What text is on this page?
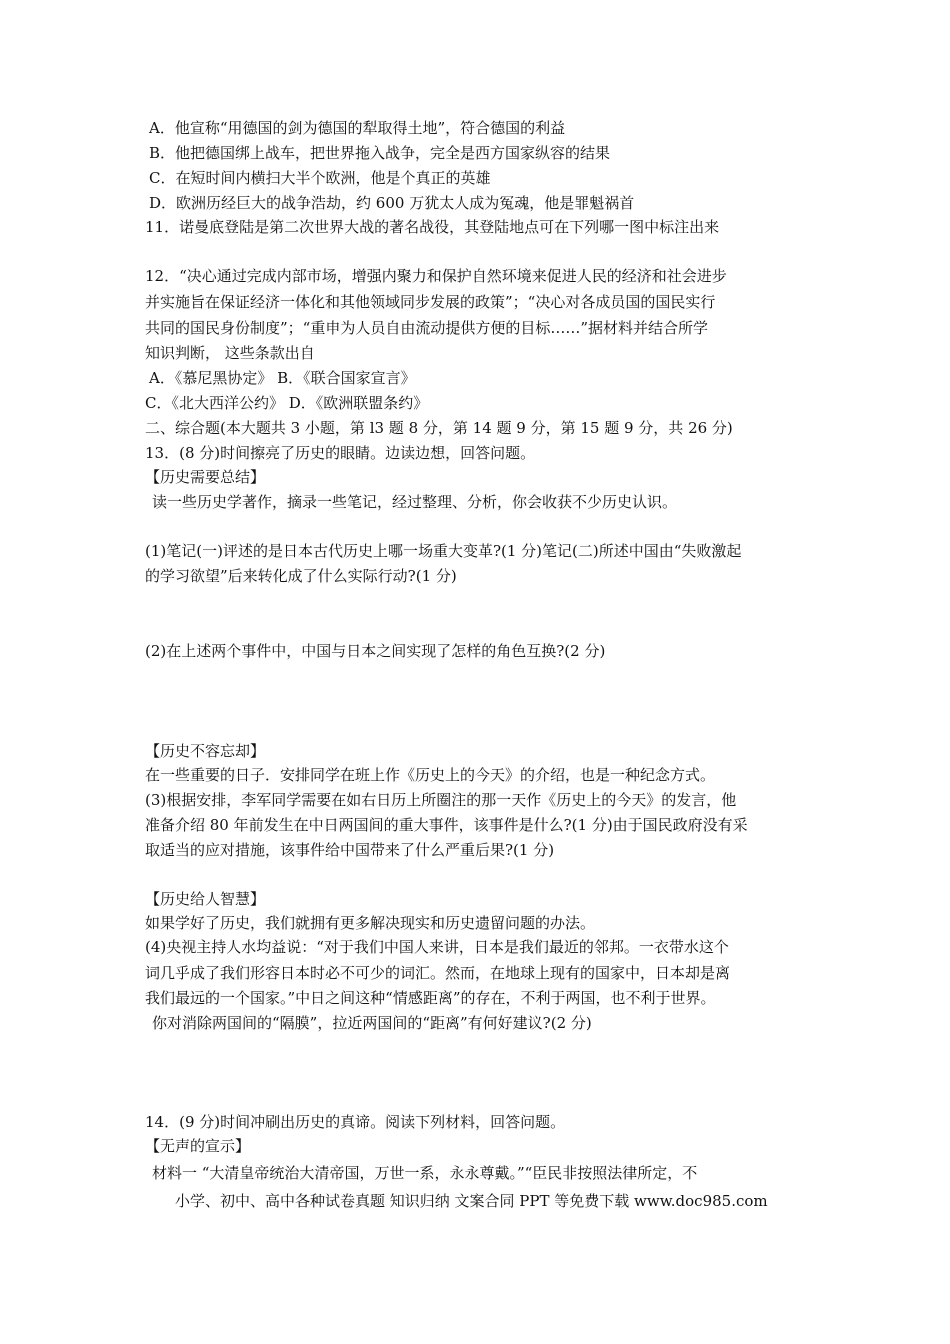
A．他宣称“用德国的剑为德国的犁取得土地”，符合德国的利益
B．他把德国绑上战车，把世界拖入战争，完全是西方国家纵容的结果
C．在短时间内横扫大半个欧洲，他是个真正的英雄
D．欧洲历经巨大的战争浩劫，约 600 万犹太人成为冤魂，他是罪魁祸首
11．诺曼底登陆是第二次世界大战的著名战役，其登陆地点可在下列哪一图中标注出来
12．“决心通过完成内部市场，增强内聚力和保护自然环境来促进人民的经济和社会进步
并实施旨在保证经济一体化和其他领域同步发展的政策”；“决心对各成员国的国民实行
共同的国民身份制度”；“重申为人员自由流动提供方便的目标……”据材料并结合所学
知识判断， 这些条款出自
A．《慕尼黑协定》 B．《联合国家宣言》
C．《北大西洋公约》 D．《欧洲联盟条约》
二、综合题(本大题共 3 小题，第 l3 题 8 分，第 14 题 9 分，第 15 题 9 分，共 26 分)
13．(8 分)时间擦亮了历史的眼睛。边读边想，回答问题。
【历史需要总结】
读一些历史学著作，摘录一些笔记，经过整理、分析，你会收获不少历史认识。
(1)笔记(一)评述的是日本古代历史上哪一场重大变革?(1 分)笔记(二)所述中国由“失败激起
的学习欲望”后来转化成了什么实际行动?(1 分)
(2)在上述两个事件中，中国与日本之间实现了怎样的角色互换?(2 分)
【历史不容忘却】
在一些重要的日子．安排同学在班上作《历史上的今天》的介绍，也是一种纪念方式。
(3)根据安排，李军同学需要在如右日历上所圈注的那一天作《历史上的今天》的发言，他
准备介绍 80 年前发生在中日两国间的重大事件，该事件是什么?(1 分)由于国民政府没有采
取适当的应对措施，该事件给中国带来了什么严重后果?(1 分)
【历史给人智慧】
如果学好了历史，我们就拥有更多解决现实和历史遗留问题的办法。
(4)央视主持人水均益说：“对于我们中国人来讲，日本是我们最近的邻邦。一衣带水这个
词几乎成了我们形容日本时必不可少的词汇。然而，在地球上现有的国家中，日本却是离
我们最远的一个国家。”中日之间这种“情感距离”的存在，不利于两国，也不利于世界。
你对消除两国间的“隔膜”，拉近两国间的“距离”有何好建议?(2 分)
14．(9 分)时间冲刷出历史的真谛。阅读下列材料，回答问题。
【无声的宣示】
材料一 “大清皇帝统治大清帝国，万世一系，永永尊戴。”“臣民非按照法律所定，不
小学、初中、高中各种试卷真题 知识归纳 文案合同 PPT 等免费下载 www.doc985.com
